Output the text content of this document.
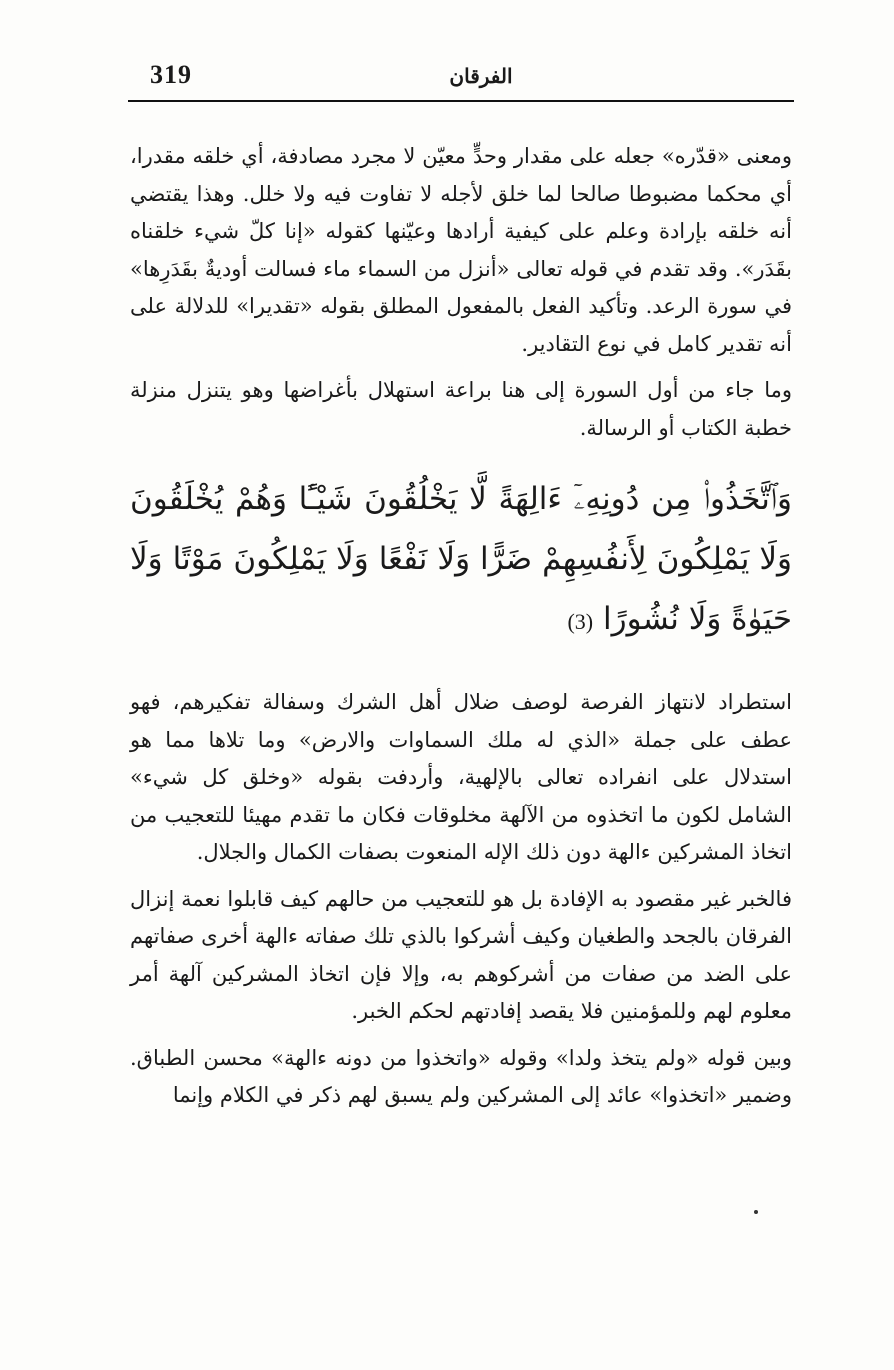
319	الفرقان

ومعنى «قدّره» جعله على مقدار وحدٍّ معيّن لا مجرد مصادفة، أي خلقه مقدرا، أي محكما مضبوطا صالحا لما خلق لأجله لا تفاوت فيه ولا خلل. وهذا يقتضي أنه خلقه بإرادة وعلم على كيفية أرادها وعيّنها كقوله «إنا كلّ شيء خلقناه بقَدَر». وقد تقدم في قوله تعالى «أنزل من السماء ماء فسالت أوديةٌ بقَدَرِها» في سورة الرعد. وتأكيد الفعل بالمفعول المطلق بقوله «تقديرا» للدلالة على أنه تقدير كامل في نوع التقادير.

وما جاء من أول السورة إلى هنا براعة استهلال بأغراضها وهو يتنزل منزلة خطبة الكتاب أو الرسالة.

وَٱتَّخَذُوا۟ مِن دُونِهِۦٓ ءَالِهَةً لَّا يَخْلُقُونَ شَيْـًٔا وَهُمْ يُخْلَقُونَ وَلَا يَمْلِكُونَ لِأَنفُسِهِمْ ضَرًّا وَلَا نَفْعًا وَلَا يَمْلِكُونَ مَوْتًا وَلَا حَيَوٰةً وَلَا نُشُورًا (3)

استطراد لانتهاز الفرصة لوصف ضلال أهل الشرك وسفالة تفكيرهم، فهو عطف على جملة «الذي له ملك السماوات والارض» وما تلاها مما هو استدلال على انفراده تعالى بالإلهية، وأردفت بقوله «وخلق كل شيء» الشامل لكون ما اتخذوه من الآلهة مخلوقات فكان ما تقدم مهيئا للتعجيب من اتخاذ المشركين ءالهة دون ذلك الإله المنعوت بصفات الكمال والجلال.

فالخبر غير مقصود به الإفادة بل هو للتعجيب من حالهم كيف قابلوا نعمة إنزال الفرقان بالجحد والطغيان وكيف أشركوا بالذي تلك صفاته ءالهة أخرى صفاتهم على الضد من صفات من أشركوهم به، وإلا فإن اتخاذ المشركين آلهة أمر معلوم لهم وللمؤمنين فلا يقصد إفادتهم لحكم الخبر.

وبين قوله «ولم يتخذ ولدا» وقوله «واتخذوا من دونه ءالهة» محسن الطباق. وضمير «اتخذوا» عائد إلى المشركين ولم يسبق لهم ذكر في الكلام وإنما
